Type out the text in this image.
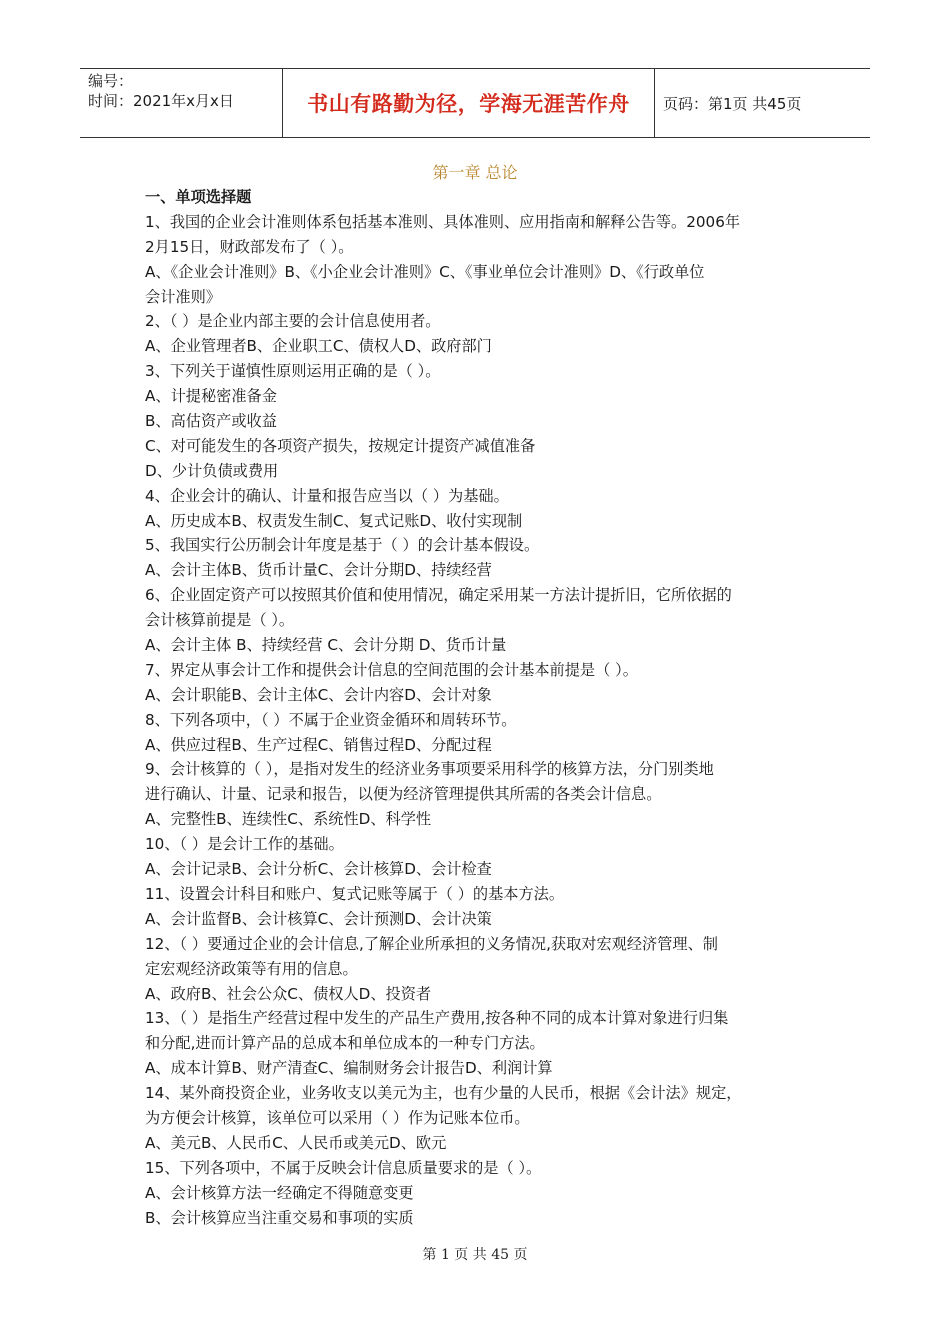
编号：
时间：2021年x月x日	书山有路勤为径，学海无涯苦作舟	页码：第1页 共45页
第一章 总论
一、单项选择题
1、我国的企业会计准则体系包括基本准则、具体准则、应用指南和解释公告等。2006年
2月15日，财政部发布了（ ）。
A、《企业会计准则》B、《小企业会计准则》C、《事业单位会计准则》D、《行政单位
会计准则》
2、（ ）是企业内部主要的会计信息使用者。
A、企业管理者B、企业职工C、债权人D、政府部门
3、下列关于谨慎性原则运用正确的是（ ）。
A、计提秘密准备金
B、高估资产或收益
C、对可能发生的各项资产损失，按规定计提资产减值准备
D、少计负债或费用
4、企业会计的确认、计量和报告应当以（ ）为基础。
A、历史成本B、权责发生制C、复式记账D、收付实现制
5、我国实行公历制会计年度是基于（ ）的会计基本假设。
A、会计主体B、货币计量C、会计分期D、持续经营
6、企业固定资产可以按照其价值和使用情况，确定采用某一方法计提折旧，它所依据的
会计核算前提是（ ）。
A、会计主体 B、持续经营 C、会计分期 D、货币计量
7、界定从事会计工作和提供会计信息的空间范围的会计基本前提是（ ）。
A、会计职能B、会计主体C、会计内容D、会计对象
8、下列各项中，（ ）不属于企业资金循环和周转环节。
A、供应过程B、生产过程C、销售过程D、分配过程
9、会计核算的（ ），是指对发生的经济业务事项要采用科学的核算方法，分门别类地
进行确认、计量、记录和报告，以便为经济管理提供其所需的各类会计信息。
A、完整性B、连续性C、系统性D、科学性
10、（ ）是会计工作的基础。
A、会计记录B、会计分析C、会计核算D、会计检查
11、设置会计科目和账户、复式记账等属于（ ）的基本方法。
A、会计监督B、会计核算C、会计预测D、会计决策
12、（ ）要通过企业的会计信息,了解企业所承担的义务情况,获取对宏观经济管理、制
定宏观经济政策等有用的信息。
A、政府B、社会公众C、债权人D、投资者
13、（ ）是指生产经营过程中发生的产品生产费用,按各种不同的成本计算对象进行归集
和分配,进而计算产品的总成本和单位成本的一种专门方法。
A、成本计算B、财产清查C、编制财务会计报告D、利润计算
14、某外商投资企业，业务收支以美元为主，也有少量的人民币，根据《会计法》规定，
为方便会计核算，该单位可以采用（ ）作为记账本位币。
A、美元B、人民币C、人民币或美元D、欧元
15、下列各项中，不属于反映会计信息质量要求的是（ ）。
A、会计核算方法一经确定不得随意变更
B、会计核算应当注重交易和事项的实质
第 1 页 共 45 页
